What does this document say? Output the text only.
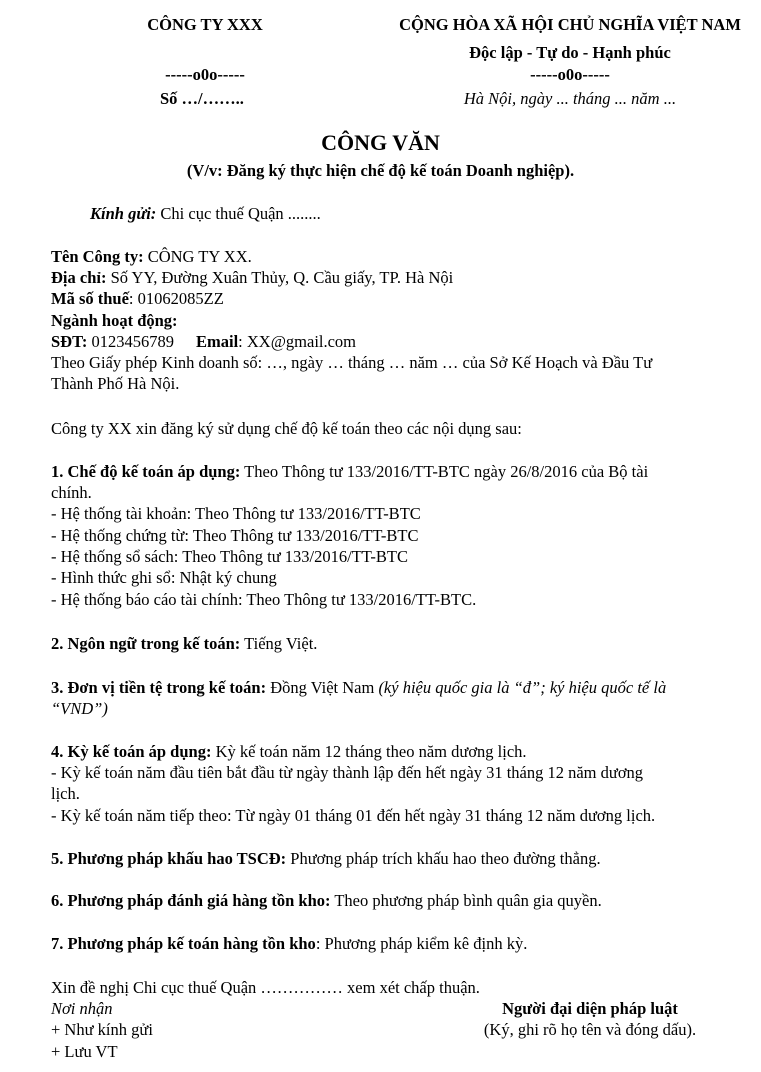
CÔNG TY XXX	CỘNG HÒA XÃ HỘI CHỦ NGHĨA VIỆT NAM
Độc lập - Tự do - Hạnh phúc
-----o0o-----	-----o0o-----
Số …/……..	Hà Nội, ngày ... tháng ... năm ...
CÔNG VĂN
(V/v: Đăng ký thực hiện chế độ kế toán Doanh nghiệp).
Kính gửi: Chi cục thuế Quận ........
Tên Công ty: CÔNG TY XX.
Địa chỉ: Số YY, Đường Xuân Thủy, Q. Cầu giấy, TP. Hà Nội
Mã số thuế: 01062085ZZ
Ngành hoạt động:
SĐT: 0123456789 Email: XX@gmail.com
Theo Giấy phép Kinh doanh số: …, ngày … tháng … năm … của Sở Kế Hoạch và Đầu Tư
Thành Phố Hà Nội.
Công ty XX xin đăng ký sử dụng chế độ kế toán theo các nội dụng sau:
1. Chế độ kế toán áp dụng: Theo Thông tư 133/2016/TT-BTC ngày 26/8/2016 của Bộ tài
chính.
- Hệ thống tài khoản: Theo Thông tư 133/2016/TT-BTC
- Hệ thống chứng từ: Theo Thông tư 133/2016/TT-BTC
- Hệ thống sổ sách: Theo Thông tư 133/2016/TT-BTC
- Hình thức ghi sổ: Nhật ký chung
- Hệ thống báo cáo tài chính: Theo Thông tư 133/2016/TT-BTC.
2. Ngôn ngữ trong kế toán: Tiếng Việt.
3. Đơn vị tiền tệ trong kế toán: Đồng Việt Nam (ký hiệu quốc gia là “đ”; ký hiệu quốc tế là
“VND”)
4. Kỳ kế toán áp dụng: Kỳ kế toán năm 12 tháng theo năm dương lịch.
- Kỳ kế toán năm đầu tiên bắt đầu từ ngày thành lập đến hết ngày 31 tháng 12 năm dương
lịch.
- Kỳ kế toán năm tiếp theo: Từ ngày 01 tháng 01 đến hết ngày 31 tháng 12 năm dương lịch.
5. Phương pháp khấu hao TSCĐ: Phương pháp trích khấu hao theo đường thẳng.
6. Phương pháp đánh giá hàng tồn kho: Theo phương pháp bình quân gia quyền.
7. Phương pháp kế toán hàng tồn kho: Phương pháp kiểm kê định kỳ.
Xin đề nghị Chi cục thuế Quận …………… xem xét chấp thuận.
Nơi nhận
+ Như kính gửi
+ Lưu VT
Người đại diện pháp luật
(Ký, ghi rõ họ tên và đóng dấu).
